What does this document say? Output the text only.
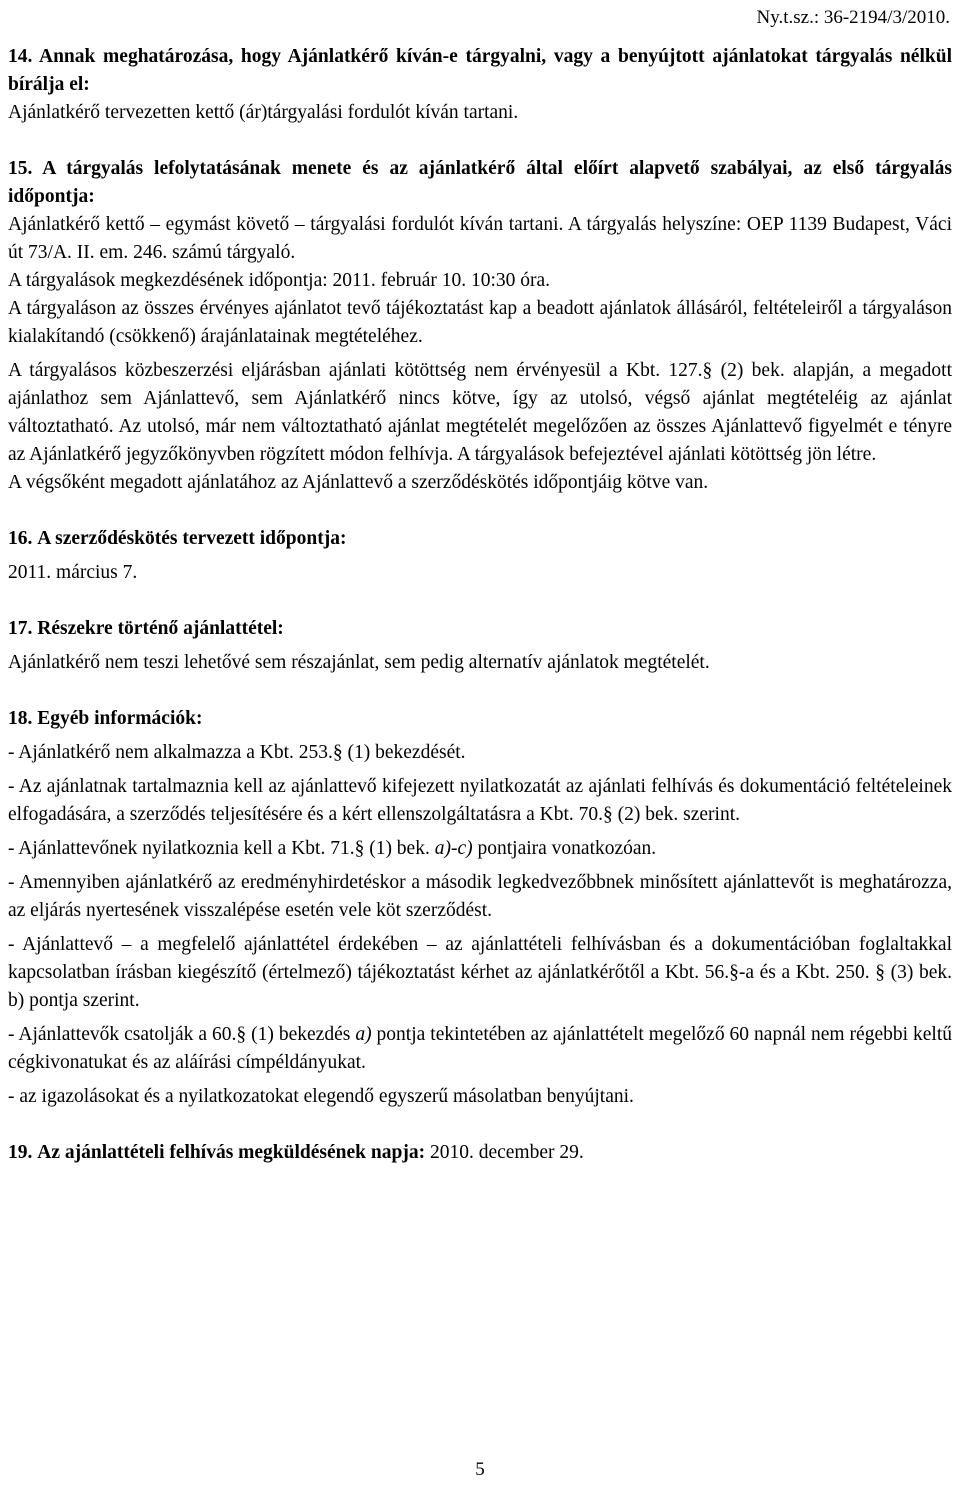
Ny.t.sz.: 36-2194/3/2010.

14. Annak meghatározása, hogy Ajánlatkérő kíván-e tárgyalni, vagy a benyújtott ajánlatokat tárgyalás nélkül bírálja el:

Ajánlatkérő tervezetten kettő (ár)tárgyalási fordulót kíván tartani.

15. A tárgyalás lefolytatásának menete és az ajánlatkérő által előírt alapvető szabályai, az első tárgyalás időpontja:

Ajánlatkérő kettő – egymást követő – tárgyalási fordulót kíván tartani. A tárgyalás helyszíne: OEP 1139 Budapest, Váci út 73/A. II. em. 246. számú tárgyaló.

A tárgyalások megkezdésének időpontja: 2011. február 10. 10:30 óra.

A tárgyaláson az összes érvényes ajánlatot tevő tájékoztatást kap a beadott ajánlatok állásáról, feltételeiről a tárgyaláson kialakítandó (csökkenő) árajánlatainak megtételéhez.

A tárgyalásos közbeszerzési eljárásban ajánlati kötöttség nem érvényesül a Kbt. 127.§ (2) bek. alapján, a megadott ajánlathoz sem Ajánlattevő, sem Ajánlatkérő nincs kötve, így az utolsó, végső ajánlat megtételéig az ajánlat változtatható. Az utolsó, már nem változtatható ajánlat megtételét megelőzően az összes Ajánlattevő figyelmét e tényre az Ajánlatkérő jegyzőkönyvben rögzített módon felhívja. A tárgyalások befejeztével ajánlati kötöttség jön létre.

A végsőként megadott ajánlatához az Ajánlattevő a szerződéskötés időpontjáig kötve van.

16. A szerződéskötés tervezett időpontja:

2011. március 7.

17. Részekre történő ajánlattétel:

Ajánlatkérő nem teszi lehetővé sem részajánlat, sem pedig alternatív ajánlatok megtételét.

18. Egyéb információk:

- Ajánlatkérő nem alkalmazza a Kbt. 253.§ (1) bekezdését.

- Az ajánlatnak tartalmaznia kell az ajánlattevő kifejezett nyilatkozatát az ajánlati felhívás és dokumentáció feltételeinek elfogadására, a szerződés teljesítésére és a kért ellenszolgáltatásra a Kbt. 70.§ (2) bek. szerint.

- Ajánlattevőnek nyilatkoznia kell a Kbt. 71.§ (1) bek. a)-c) pontjaira vonatkozóan.

- Amennyiben ajánlatkérő az eredményhirdetéskor a második legkedvezőbbnek minősített ajánlattevőt is meghatározza, az eljárás nyertesének visszalépése esetén vele köt szerződést.

- Ajánlattevő – a megfelelő ajánlattétel érdekében – az ajánlattételi felhívásban és a dokumentációban foglaltakkal kapcsolatban írásban kiegészítő (értelmező) tájékoztatást kérhet az ajánlatkérőtől a Kbt. 56.§-a és a Kbt. 250. § (3) bek. b) pontja szerint.

- Ajánlattevők csatolják a 60.§ (1) bekezdés a) pontja tekintetében az ajánlattételt megelőző 60 napnál nem régebbi keltű cégkivonatukat és az aláírási címpéldányukat.

- az igazolásokat és a nyilatkozatokat elegendő egyszerű másolatban benyújtani.

19. Az ajánlattételi felhívás megküldésének napja: 2010. december 29.

5
